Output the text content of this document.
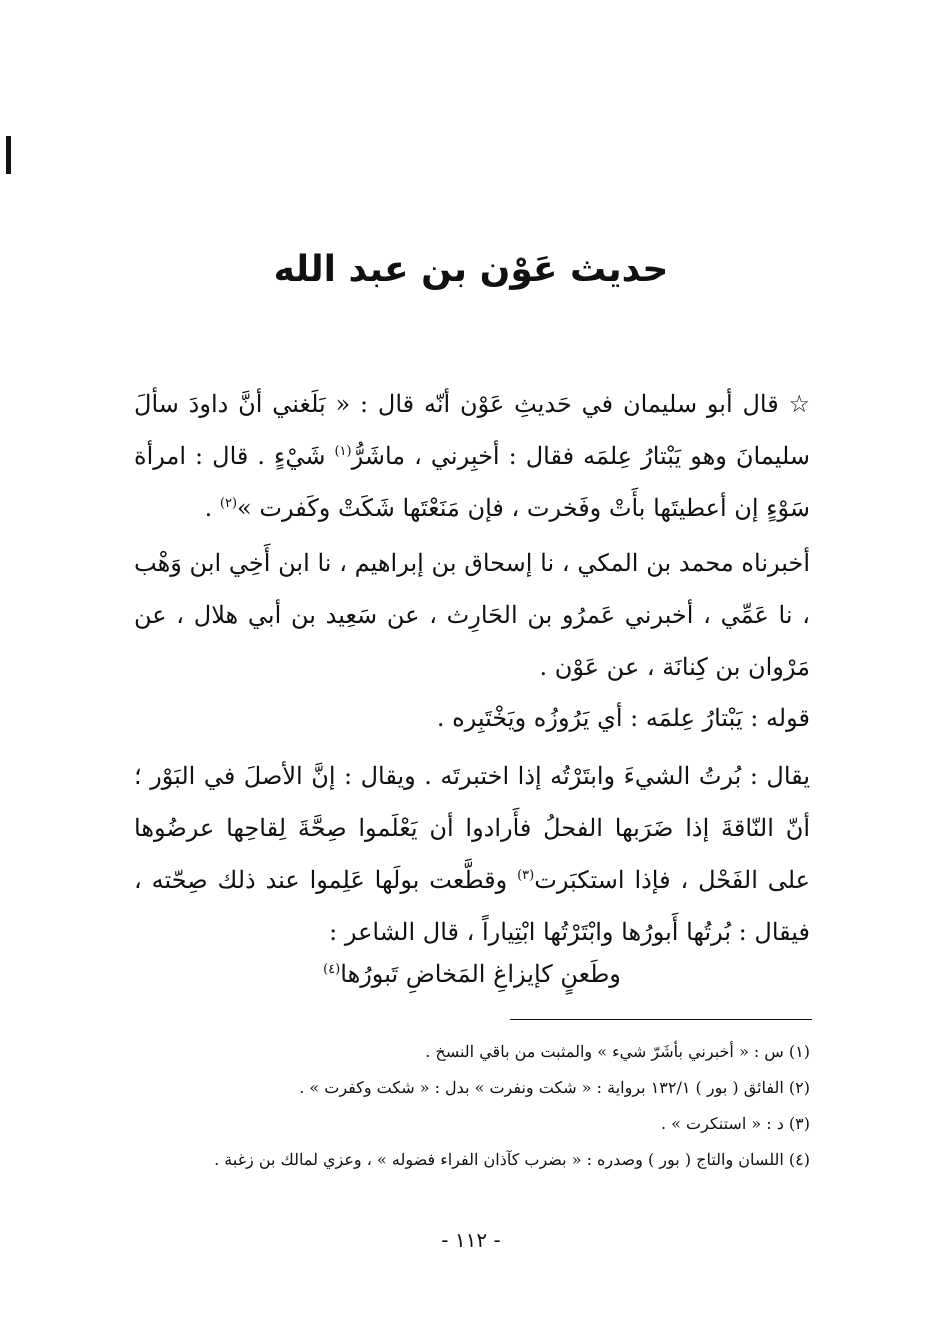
حديث عَوْن بن عبد الله

☆ قال أبو سليمان في حَديثِ عَوْن أنّه قال : « بَلَغني أنَّ داودَ سألَ سليمانَ وهو يَبْتارُ عِلمَه فقال : أخبِرني ، ماشَرُّ$^{(١)}$ شَيْءٍ . قال : امرأة سَوْءٍ إن أعطيتَها بأَتْ وفَخرت ، فإن مَنَعْتَها شَكَتْ وكَفرت »$^{(٢)}$ .

أخبرناه محمد بن المكي ، نا إسحاق بن إبراهيم ، نا ابن أَخِي ابن وَهْب ، نا عَمِّي ، أخبرني عَمرُو بن الحَارِث ، عن سَعِيد بن أبي هلال ، عن مَرْوان بن كِنانَة ، عن عَوْن .

قوله : يَبْتارُ عِلمَه : أي يَرُوزُه ويَخْتَبِره .

يقال : بُرتُ الشيءَ وابتَرْتُه إذا اختبرتَه . ويقال : إنَّ الأصلَ في البَوْر ؛ أنّ النّاقةَ إذا ضَرَبها الفحلُ فأَرادوا أن يَعْلَموا صِحَّةَ لِقاحِها عرضُوها على الفَحْل ، فإذا استكبَرت$^{(٣)}$ وقطَّعت بولَها عَلِموا عند ذلك صِحّته ، فيقال : بُرتُها أَبورُها وابْتَرْتُها ابْتِياراً ، قال الشاعر :

وطَعنٍ كإيزاغِ المَخاضِ تَبورُها$^{(٤)}$

(١) س : « أخبرني بأشَرّ شيء » والمثبت من باقي النسخ .
(٢) الفائق ( بور ) ١٣٢/١ برواية : « شكت ونفرت » بدل : « شكت وكفرت » .
(٣) د : « استنكرت » .
(٤) اللسان والتاج ( بور ) وصدره : « بضرب كآذان الفراء فضوله » ، وعزي لمالك بن زغبة .
- ١١٢ -
